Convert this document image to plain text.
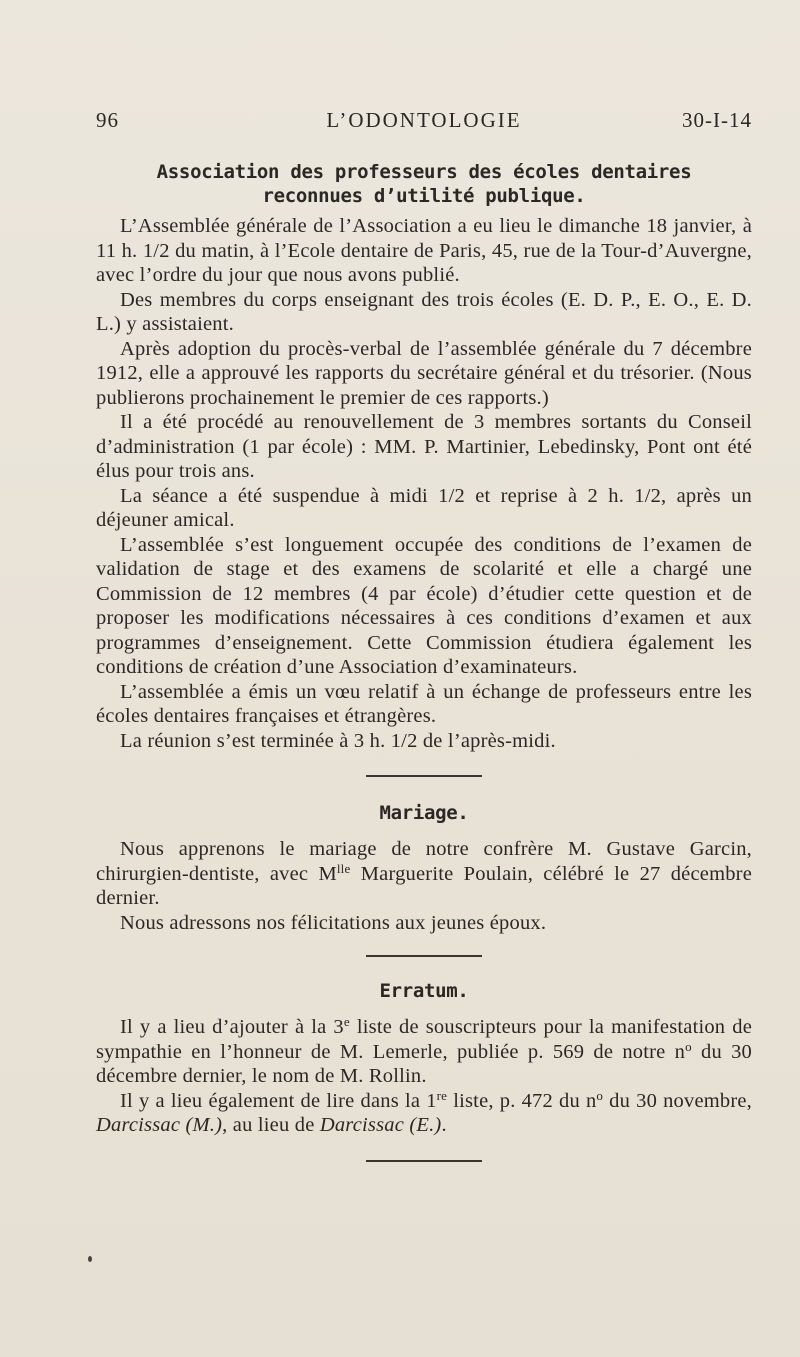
96	L’ODONTOLOGIE	30-I-14
Association des professeurs des écoles dentaires
reconnues d’utilité publique.

L’Assemblée générale de l’Association a eu lieu le dimanche 18 janvier, à 11 h. 1/2 du matin, à l’Ecole dentaire de Paris, 45, rue de la Tour-d’Auvergne, avec l’ordre du jour que nous avons publié.

Des membres du corps enseignant des trois écoles (E. D. P., E. O., E. D. L.) y assistaient.

Après adoption du procès-verbal de l’assemblée générale du 7 décembre 1912, elle a approuvé les rapports du secrétaire général et du trésorier. (Nous publierons prochainement le premier de ces rapports.)

Il a été procédé au renouvellement de 3 membres sortants du Conseil d’administration (1 par école) : MM. P. Martinier, Lebedinsky, Pont ont été élus pour trois ans.

La séance a été suspendue à midi 1/2 et reprise à 2 h. 1/2, après un déjeuner amical.

L’assemblée s’est longuement occupée des conditions de l’examen de validation de stage et des examens de scolarité et elle a chargé une Commission de 12 membres (4 par école) d’étudier cette question et de proposer les modifications nécessaires à ces conditions d’examen et aux programmes d’enseignement. Cette Commission étudiera également les conditions de création d’une Association d’examinateurs.

L’assemblée a émis un vœu relatif à un échange de professeurs entre les écoles dentaires françaises et étrangères.

La réunion s’est terminée à 3 h. 1/2 de l’après-midi.

Mariage.

Nous apprenons le mariage de notre confrère M. Gustave Garcin, chirurgien-dentiste, avec $M^{lle}$ Marguerite Poulain, célébré le 27 décembre dernier.

Nous adressons nos félicitations aux jeunes époux.

Erratum.

Il y a lieu d’ajouter à la 3e liste de souscripteurs pour la manifestation de sympathie en l’honneur de M. Lemerle, publiée p. 569 de notre $n^o$ du 30 décembre dernier, le nom de M. Rollin.

Il y a lieu également de lire dans la 1re liste, p. 472 du $n^o$ du 30 novembre, Darcissac (M.), au lieu de Darcissac (E.).
